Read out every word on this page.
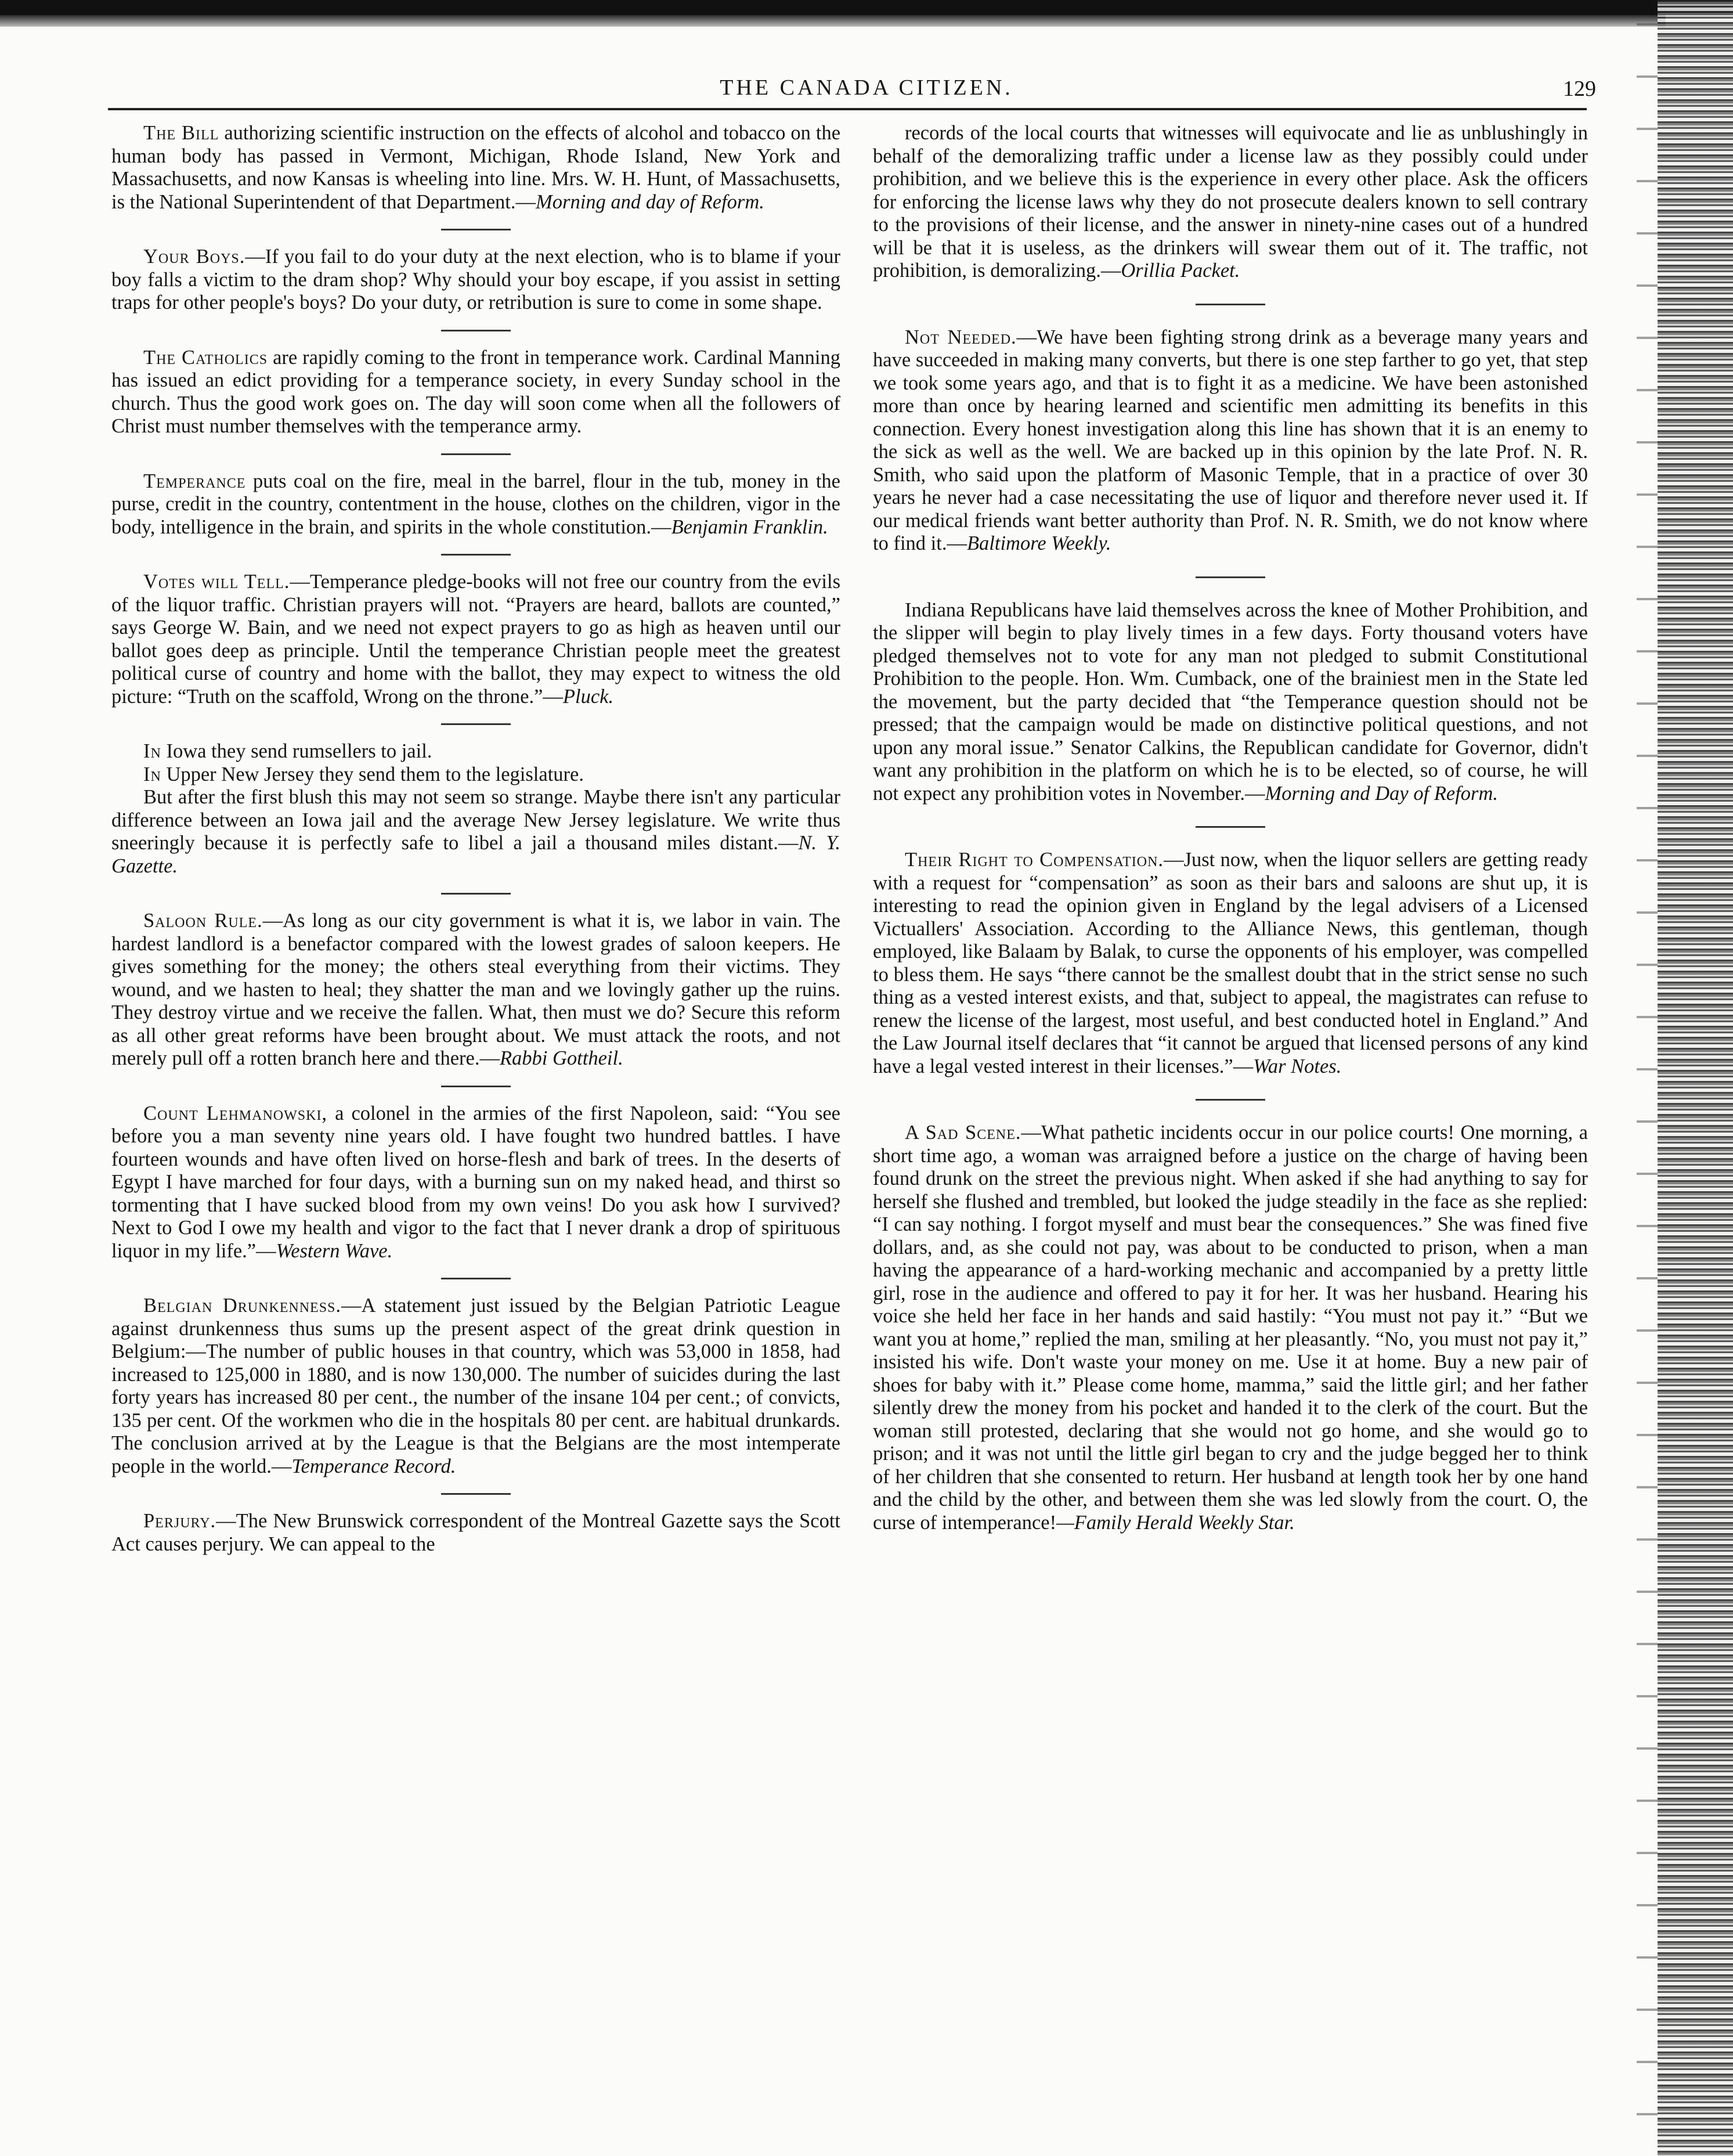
THE CANADA CITIZEN.	129

The Bill authorizing scientific instruction on the effects of alcohol and tobacco on the human body has passed in Vermont, Michigan, Rhode Island, New York and Massachusetts, and now Kansas is wheeling into line. Mrs. W. H. Hunt, of Massachusetts, is the National Superintendent of that Department.—Morning and day of Reform.

Your Boys.—If you fail to do your duty at the next election, who is to blame if your boy falls a victim to the dram shop? Why should your boy escape, if you assist in setting traps for other people's boys? Do your duty, or retribution is sure to come in some shape.

The Catholics are rapidly coming to the front in temperance work. Cardinal Manning has issued an edict providing for a temperance society, in every Sunday school in the church. Thus the good work goes on. The day will soon come when all the followers of Christ must number themselves with the temperance army.

Temperance puts coal on the fire, meal in the barrel, flour in the tub, money in the purse, credit in the country, contentment in the house, clothes on the children, vigor in the body, intelligence in the brain, and spirits in the whole constitution.—Benjamin Franklin.

Votes will Tell.—Temperance pledge-books will not free our country from the evils of the liquor traffic. Christian prayers will not. “Prayers are heard, ballots are counted,” says George W. Bain, and we need not expect prayers to go as high as heaven until our ballot goes deep as principle. Until the temperance Christian people meet the greatest political curse of country and home with the ballot, they may expect to witness the old picture: “Truth on the scaffold, Wrong on the throne.”—Pluck.

In Iowa they send rumsellers to jail.

In Upper New Jersey they send them to the legislature.

But after the first blush this may not seem so strange. Maybe there isn't any particular difference between an Iowa jail and the average New Jersey legislature. We write thus sneeringly because it is perfectly safe to libel a jail a thousand miles distant.—N. Y. Gazette.

Saloon Rule.—As long as our city government is what it is, we labor in vain. The hardest landlord is a benefactor compared with the lowest grades of saloon keepers. He gives something for the money; the others steal everything from their victims. They wound, and we hasten to heal; they shatter the man and we lovingly gather up the ruins. They destroy virtue and we receive the fallen. What, then must we do? Secure this reform as all other great reforms have been brought about. We must attack the roots, and not merely pull off a rotten branch here and there.—Rabbi Gottheil.

Count Lehmanowski, a colonel in the armies of the first Napoleon, said: “You see before you a man seventy nine years old. I have fought two hundred battles. I have fourteen wounds and have often lived on horse-flesh and bark of trees. In the deserts of Egypt I have marched for four days, with a burning sun on my naked head, and thirst so tormenting that I have sucked blood from my own veins! Do you ask how I survived? Next to God I owe my health and vigor to the fact that I never drank a drop of spirituous liquor in my life.”—Western Wave.

Belgian Drunkenness.—A statement just issued by the Belgian Patriotic League against drunkenness thus sums up the present aspect of the great drink question in Belgium:—The number of public houses in that country, which was 53,000 in 1858, had increased to 125,000 in 1880, and is now 130,000. The number of suicides during the last forty years has increased 80 per cent., the number of the insane 104 per cent.; of convicts, 135 per cent. Of the workmen who die in the hospitals 80 per cent. are habitual drunkards. The conclusion arrived at by the League is that the Belgians are the most intemperate people in the world.—Temperance Record.

Perjury.—The New Brunswick correspondent of the Montreal Gazette says the Scott Act causes perjury. We can appeal to the

records of the local courts that witnesses will equivocate and lie as unblushingly in behalf of the demoralizing traffic under a license law as they possibly could under prohibition, and we believe this is the experience in every other place. Ask the officers for enforcing the license laws why they do not prosecute dealers known to sell contrary to the provisions of their license, and the answer in ninety-nine cases out of a hundred will be that it is useless, as the drinkers will swear them out of it. The traffic, not prohibition, is demoralizing.—Orillia Packet.

Not Needed.—We have been fighting strong drink as a beverage many years and have succeeded in making many converts, but there is one step farther to go yet, that step we took some years ago, and that is to fight it as a medicine. We have been astonished more than once by hearing learned and scientific men admitting its benefits in this connection. Every honest investigation along this line has shown that it is an enemy to the sick as well as the well. We are backed up in this opinion by the late Prof. N. R. Smith, who said upon the platform of Masonic Temple, that in a practice of over 30 years he never had a case necessitating the use of liquor and therefore never used it. If our medical friends want better authority than Prof. N. R. Smith, we do not know where to find it.—Baltimore Weekly.

Indiana Republicans have laid themselves across the knee of Mother Prohibition, and the slipper will begin to play lively times in a few days. Forty thousand voters have pledged themselves not to vote for any man not pledged to submit Constitutional Prohibition to the people. Hon. Wm. Cumback, one of the brainiest men in the State led the movement, but the party decided that “the Temperance question should not be pressed; that the campaign would be made on distinctive political questions, and not upon any moral issue.” Senator Calkins, the Republican candidate for Governor, didn't want any prohibition in the platform on which he is to be elected, so of course, he will not expect any prohibition votes in November.—Morning and Day of Reform.

Their Right to Compensation.—Just now, when the liquor sellers are getting ready with a request for “compensation” as soon as their bars and saloons are shut up, it is interesting to read the opinion given in England by the legal advisers of a Licensed Victuallers' Association. According to the Alliance News, this gentleman, though employed, like Balaam by Balak, to curse the opponents of his employer, was compelled to bless them. He says “there cannot be the smallest doubt that in the strict sense no such thing as a vested interest exists, and that, subject to appeal, the magistrates can refuse to renew the license of the largest, most useful, and best conducted hotel in England.” And the Law Journal itself declares that “it cannot be argued that licensed persons of any kind have a legal vested interest in their licenses.”—War Notes.

A Sad Scene.—What pathetic incidents occur in our police courts! One morning, a short time ago, a woman was arraigned before a justice on the charge of having been found drunk on the street the previous night. When asked if she had anything to say for herself she flushed and trembled, but looked the judge steadily in the face as she replied: “I can say nothing. I forgot myself and must bear the consequences.” She was fined five dollars, and, as she could not pay, was about to be conducted to prison, when a man having the appearance of a hard-working mechanic and accompanied by a pretty little girl, rose in the audience and offered to pay it for her. It was her husband. Hearing his voice she held her face in her hands and said hastily: “You must not pay it.” “But we want you at home,” replied the man, smiling at her pleasantly. “No, you must not pay it,” insisted his wife. Don't waste your money on me. Use it at home. Buy a new pair of shoes for baby with it.” Please come home, mamma,” said the little girl; and her father silently drew the money from his pocket and handed it to the clerk of the court. But the woman still protested, declaring that she would not go home, and she would go to prison; and it was not until the little girl began to cry and the judge begged her to think of her children that she consented to return. Her husband at length took her by one hand and the child by the other, and between them she was led slowly from the court. O, the curse of intemperance!—Family Herald Weekly Star.
